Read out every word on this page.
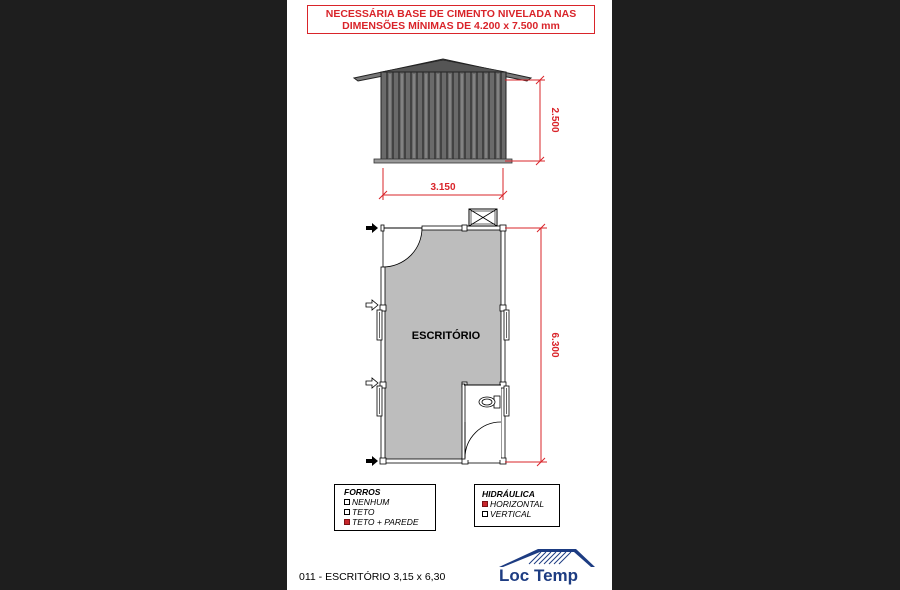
NECESSÁRIA BASE DE CIMENTO NIVELADA NAS
DIMENSÕES MÍNIMAS DE 4.200 x 7.500 mm
2.500
3.150
ESCRITÓRIO	6.300
FORROS
NENHUM
TETO
TETO + PAREDE
HIDRÁULICA
HORIZONTAL
VERTICAL
011 - ESCRITÓRIO 3,15 x 6,30	Loc Temp
